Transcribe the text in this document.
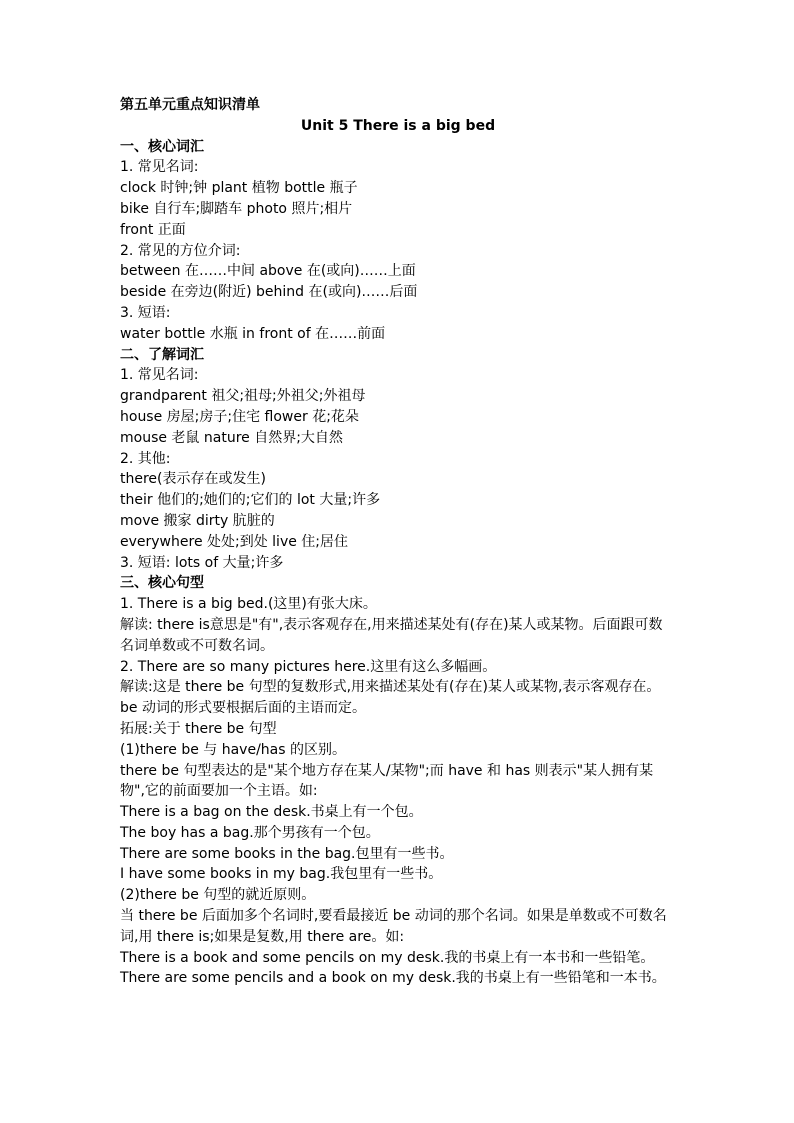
第五单元重点知识清单
Unit 5 There is a big bed
一、核心词汇
1. 常见名词:
clock 时钟;钟 plant 植物 bottle 瓶子
bike 自行车;脚踏车 photo 照片;相片
front 正面
2. 常见的方位介词:
between 在……中间 above 在(或向)……上面
beside 在旁边(附近) behind 在(或向)……后面
3. 短语:
water bottle 水瓶 in front of 在……前面
二、了解词汇
1. 常见名词:
grandparent 祖父;祖母;外祖父;外祖母
house 房屋;房子;住宅 flower 花;花朵
mouse 老鼠 nature 自然界;大自然
2. 其他:
there(表示存在或发生)
their 他们的;她们的;它们的 lot 大量;许多
move 搬家 dirty 肮脏的
everywhere 处处;到处 live 住;居住
3. 短语: lots of 大量;许多
三、核心句型
1. There is a big bed.(这里)有张大床。
解读: there is意思是"有",表示客观存在,用来描述某处有(存在)某人或某物。后面跟可数名词单数或不可数名词。
2. There are so many pictures here.这里有这么多幅画。
解读:这是 there be 句型的复数形式,用来描述某处有(存在)某人或某物,表示客观存在。be 动词的形式要根据后面的主语而定。
拓展:关于 there be 句型
(1)there be 与 have/has 的区别。
there be 句型表达的是"某个地方存在某人/某物";而 have 和 has 则表示"某人拥有某物",它的前面要加一个主语。如:
There is a bag on the desk.书桌上有一个包。
The boy has a bag.那个男孩有一个包。
There are some books in the bag.包里有一些书。
I have some books in my bag.我包里有一些书。
(2)there be 句型的就近原则。
当 there be 后面加多个名词时,要看最接近 be 动词的那个名词。如果是单数或不可数名词,用 there is;如果是复数,用 there are。如:
There is a book and some pencils on my desk.我的书桌上有一本书和一些铅笔。
There are some pencils and a book on my desk.我的书桌上有一些铅笔和一本书。
